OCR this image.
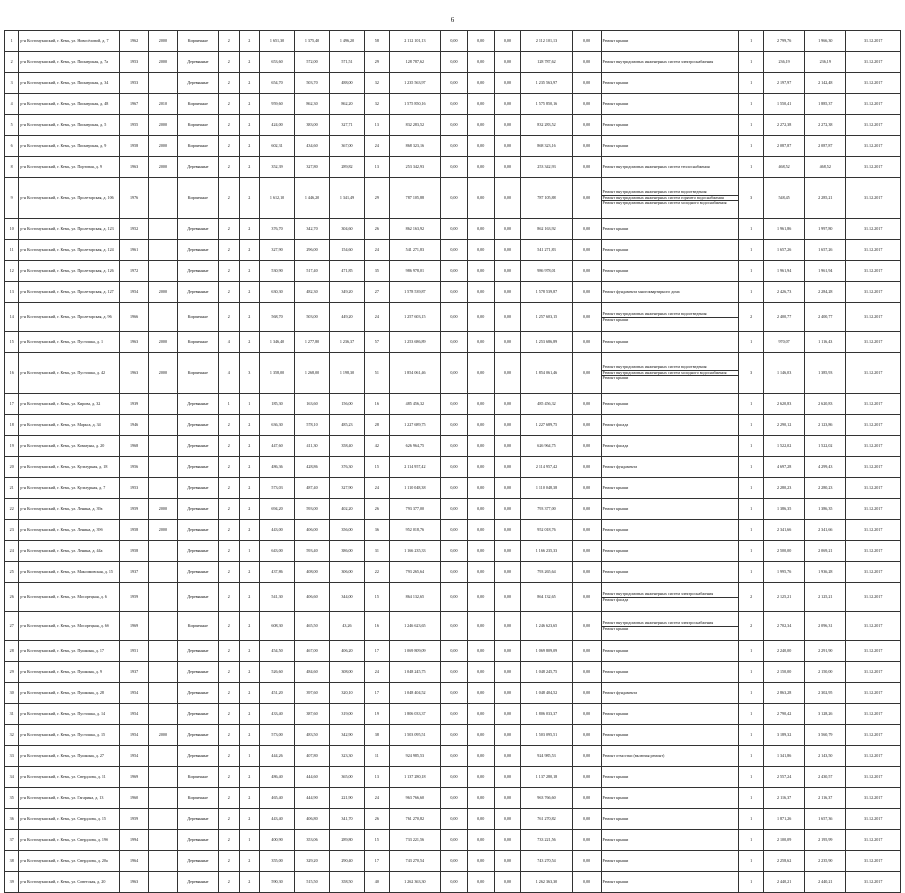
6
1	р-н Костомукшский, г. Кемь, ул. Новосёловой, д. 7	1962	2000	Кирпичные	2	2	1 651,30	1 375,40	1 496,20	58	2 112 101,13	0,00	0,00	0,00	2 112 101,13	0,00	Ремонт крыши	1	2 799,76	1 966,30	31.12.2017
2	р-н Костомукшский, г. Кемь, ул. Пионерская, д. 7а	1953	2000	Деревянные	2	2	653,60	572,00	571,51	29	128 787,62	0,00	0,00	0,00	128 787,62	0,00	Ремонт внутридомовых инженерных систем электроснабжения	1	236,19	236,19	31.12.2017
3	р-н Костомукшский, г. Кемь, ул. Пионерская, д. 34	1953		Деревянные	2	2	654,70	503,70	488,00	32	1 235 563,97	0,00	0,00	0,00	1 235 563,97	0,00	Ремонт крыши	1	2 197,97	2 142,48	31.12.2017
4	р-н Костомукшский, г. Кемь, ул. Пионерская, д. 48	1967	2010	Кирпичные	2	2	959,60	862,30	862,20	32	1 575 850,16	0,00	0,00	0,00	1 575 850,16	0,00	Ремонт крыши	1	1 550,41	1 885,37	31.12.2017
5	р-н Костомукшский, г. Кемь, ул. Пионерская, д. 5	1955	2000	Кирпичные	2	2	424,00	383,00	327,71	13	832 283,52	0,00	0,00	0,00	832 283,52	0,00	Ремонт крыши	1	2 272,38	2 272,38	31.12.2017
6	р-н Костомукшский, г. Кемь, ул. Пионерская, д. 9	1958	2000	Кирпичные	2	2	602,31	434,60	367,00	24	868 323,16	0,00	0,00	0,00	868 323,16	0,00	Ремонт крыши	1	2 087,87	2 087,87	31.12.2017
8	р-н Костомукшский, г. Кемь, ул. Портовая, д. 9	1963	2000	Деревянные	2	2	352,39	327,80	289,82	13	253 342,93	0,00	0,00	0,00	253 342,93	0,00	Ремонт внутридомовых инженерных систем теплоснабжения	1	468,52	468,52	31.12.2017
9	р-н Костомукшский, г. Кемь, ул. Пролетарская, д. 106	1976		Кирпичные	2	2	1 612,10	1 446,20	1 341,49	29	787 105,88	0,00	0,00	0,00	787 105,88	0,00	Ремонт внутридомовых инженерных систем водоотведения
Ремонт внутридомовых инженерных систем горячего водоснабжения
Ремонт внутридомовых инженерных систем холодного водоснабжения	3	548,45	2 285,21	31.12.2017
10	р-н Костомукшский, г. Кемь, ул. Пролетарская, д. 123	1952		Деревянные	2	2	376,70	342,70	304,60	26	862 163,92	0,00	0,00	0,00	862 163,92	0,00	Ремонт крыши	1	1 961,86	1 997,80	31.12.2017
11	р-н Костомукшский, г. Кемь, ул. Пролетарская, д. 124	1961		Деревянные	2	2	327,90	296,00	154,60	24	541 271,83	0,00	0,00	0,00	541 271,83	0,00	Ремонт крыши	1	1 657,26	1 657,26	31.12.2017
12	р-н Костомукшский, г. Кемь, ул. Пролетарская, д. 126	1972		Деревянные	2	2	530,90	517,40	471,85	35	986 978,01	0,00	0,00	0,00	986 978,01	0,00	Ремонт крыши	1	1 961,94	1 961,94	31.12.2017
13	р-н Костомукшский, г. Кемь, ул. Пролетарская, д. 127	1954	2000	Деревянные	2	2	630,30	482,30	349,20	27	1 578 539,87	0,00	0,00	0,00	1 578 539,87	0,00	Ремонт фундамента многоквартирного дома	1	2 426,73	2 284,28	31.12.2017
14	р-н Костомукшский, г. Кемь, ул. Пролетарская, д. 96	1966		Кирпичные	2	2	568,70	503,00	449,20	24	1 257 603,15	0,00	0,00	0,00	1 257 603,15	0,00	Ремонт внутридомовых инженерных систем водоотведения
Ремонт крыши	2	2 400,77	2 400,77	31.12.2017
15	р-н Костомукшский, г. Кемь, ул. Пустошка, д. 1	1963	2000	Кирпичные	4	2	1 346,40	1 277,80	1 236,37	57	1 253 686,89	0,00	0,00	0,00	1 253 686,89	0,00	Ремонт крыши	1	970,07	1 116,43	31.12.2017
16	р-н Костомукшский, г. Кемь, ул. Пустошка, д. 42	1963	2000	Кирпичные	4	3	1 358,00	1 268,00	1 198,30	51	1 854 061,46	0,00	0,00	0,00	1 854 061,46	0,00	Ремонт внутридомовых инженерных систем водоотведения
Ремонт внутридомовых инженерных систем холодного водоснабжения
Ремонт крыши	3	1 146,03	1 385,93	31.12.2017
17	р-н Костомукшский, г. Кемь, ул. Кирова, д. 32	1939		Деревянные	1	1	185,30	163,60	156,00	16	485 456,32	0,00	0,00	0,00	485 456,32	0,00	Ремонт крыши	1	2 620,83	2 620,83	31.12.2017
18	р-н Костомукшский, г. Кемь, ул. Маркса, д. 34	1946		Деревянные	2	2	636,30	578,10	485,23	28	1 227 689,75	0,00	0,00	0,00	1 227 689,75	0,00	Ремонт фасада	1	2 290,12	2 123,86	31.12.2017
19	р-н Костомукшский, г. Кемь, ул. Коммуны, д. 20	1968		Деревянные	2	2	447,60	411,30	358,40	42	626 964,75	0,00	0,00	0,00	626 964,75	0,00	Ремонт фасада	1	1 522,02	1 522,02	31.12.2017
20	р-н Костомукшский, г. Кемь, ул. Культурная, д. 18	1956		Деревянные	2	2	486,36	428,86	376,30	15	2 114 957,42	0,00	0,00	0,00	2 114 957,42	0,00	Ремонт фундамента	1	4 697,28	4 299,43	31.12.2017
21	р-н Костомукшский, г. Кемь, ул. Культурная, д. 7	1953		Деревянные	2	2	573,03	487,40	327,90	24	1 110 048,38	0,00	0,00	0,00	1 110 048,38	0,00	Ремонт крыши	1	2 280,23	2 280,23	31.12.2017
22	р-н Костомукшский, г. Кемь, ул. Ленина, д. 39а	1959	2000	Деревянные	2	2	694,20	593,00	402,20	26	793 377,00	0,00	0,00	0,00	793 377,00	0,00	Ремонт крыши	1	1 386,35	1 386,35	31.12.2017
23	р-н Костомукшский, г. Кемь, ул. Ленина, д. 39б	1958	2000	Деревянные	2	2	443,00	406,00	356,00	36	952 018,76	0,00	0,00	0,00	952 018,76	0,00	Ремонт крыши	1	2 341,66	2 341,66	31.12.2017
24	р-н Костомукшский, г. Кемь, ул. Ленина, д. 44а	1958		Деревянные	2	1	643,00	593,40	386,00	31	1 166 235,33	0,00	0,00	0,00	1 166 235,33	0,00	Ремонт крыши	1	2 500,00	2 069,21	31.12.2017
25	р-н Костомукшский, г. Кемь, ул. Максимовская, д. 15	1937		Деревянные	2	2	437,86	408,00	306,00	22	793 265,64	0,00	0,00	0,00	793 265,64	0,00	Ремонт крыши	1	1 995,76	1 936,28	31.12.2017
26	р-н Костомукшский, г. Кемь, ул. Мосорецкая, д. 6	1959		Деревянные	2	2	541,30	406,60	344,00	15	864 132,65	0,00	0,00	0,00	864 132,65	0,00	Ремонт внутридомовых инженерных систем электроснабжения
Ремонт фасада	2	2 125,21	2 125,21	31.12.2017
27	р-н Костомукшский, г. Кемь, ул. Мосорецкая, д. 6б	1969		Кирпичные	2	2	608,30	465,50	43,26	16	1 246 623,65	0,00	0,00	0,00	1 246 623,65	0,00	Ремонт внутридомовых инженерных систем электроснабжения
Ремонт крыши	2	2 702,34	2 096,31	31.12.2017
28	р-н Костомукшский, г. Кемь, ул. Пушкина, д. 17	1951		Деревянные	2	2	454,50	467,00	406,20	17	1 069 809,09	0,00	0,00	0,00	1 069 809,09	0,00	Ремонт крыши	1	2 240,00	2 291,90	31.12.2017
29	р-н Костомукшский, г. Кемь, ул. Пушкина, д. 9	1937		Деревянные	2	2	526,60	484,60	308,00	24	1 048 245,75	0,00	0,00	0,00	1 048 245,75	0,00	Ремонт крыши	1	2 150,00	2 150,00	31.12.2017
30	р-н Костомукшский, г. Кемь, ул. Пушкина, д. 28	1954		Деревянные	2	2	451,20	397,60	320,10	17	1 048 404,52	0,00	0,00	0,00	1 048 404,52	0,00	Ремонт фундамента	1	2 863,28	2 302,95	31.12.2017
31	р-н Костомукшский, г. Кемь, ул. Пустошка, д. 14	1954		Деревянные	2	2	433,40	387,60	319,00	19	1 806 033,37	0,00	0,00	0,00	1 806 033,37	0,00	Ремонт крыши	1	2 790,42	3 128,26	31.12.2017
32	р-н Костомукшский, г. Кемь, ул. Пустошка, д. 15	1954	2000	Деревянные	2	2	573,00	483,50	342,90	38	1 503 095,51	0,00	0,00	0,00	1 503 095,51	0,00	Ремонт крыши	1	3 189,32	3 560,79	31.12.2017
33	р-н Костомукшский, г. Кемь, ул. Пушкина, д. 27	1954		Деревянные	2	1	444,26	407,80	323,30	11	924 985,53	0,00	0,00	0,00	924 985,53	0,00	Ремонт отмостки (включая ремонт)	1	1 341,86	2 143,50	31.12.2017
34	р-н Костомукшский, г. Кемь, ул. Свердлова, д. 11	1969		Кирпичные	2	2	486,40	444,60	365,00	13	1 137 280,18	0,00	0,00	0,00	1 137 280,18	0,00	Ремонт крыши	1	2 557,24	2 430,57	31.12.2017
35	р-н Костомукшский, г. Кемь, ул. Гагарина, д. 13	1960		Кирпичные	2	2	465,40	444,90	221,90	24	963 766,60	0,00	0,00	0,00	963 766,60	0,00	Ремонт крыши	1	2 116,37	2 116,37	31.12.2017
36	р-н Костомукшский, г. Кемь, ул. Свердлова, д. 15	1959		Деревянные	2	2	443,40	406,80	341,70	26	761 270,82	0,00	0,00	0,00	761 270,82	0,00	Ремонт крыши	1	1 871,26	1 657,36	31.12.2017
37	р-н Костомукшский, г. Кемь, ул. Свердлова, д. 19б	1994		Деревянные	2	1	400,90	353,06	289,80	15	733 221,56	0,00	0,00	0,00	733 221,56	0,00	Ремонт крыши	1	2 100,09	2 195,99	31.12.2017
38	р-н Костомукшский, г. Кемь, ул. Свердлова, д. 20а	1964		Деревянные	2	2	355,00	329,20	290,40	17	743 270,54	0,00	0,00	0,00	743 270,54	0,00	Ремонт крыши	1	2 258,62	2 235,90	31.12.2017
39	р-н Костомукшский, г. Кемь, ул. Советская, д. 20	1963		Деревянные	2	2	590,30	515,50	358,50	40	1 262 363,30	0,00	0,00	0,00	1 262 363,30	0,00	Ремонт крыши	1	2 440,21	2 440,21	31.12.2017
